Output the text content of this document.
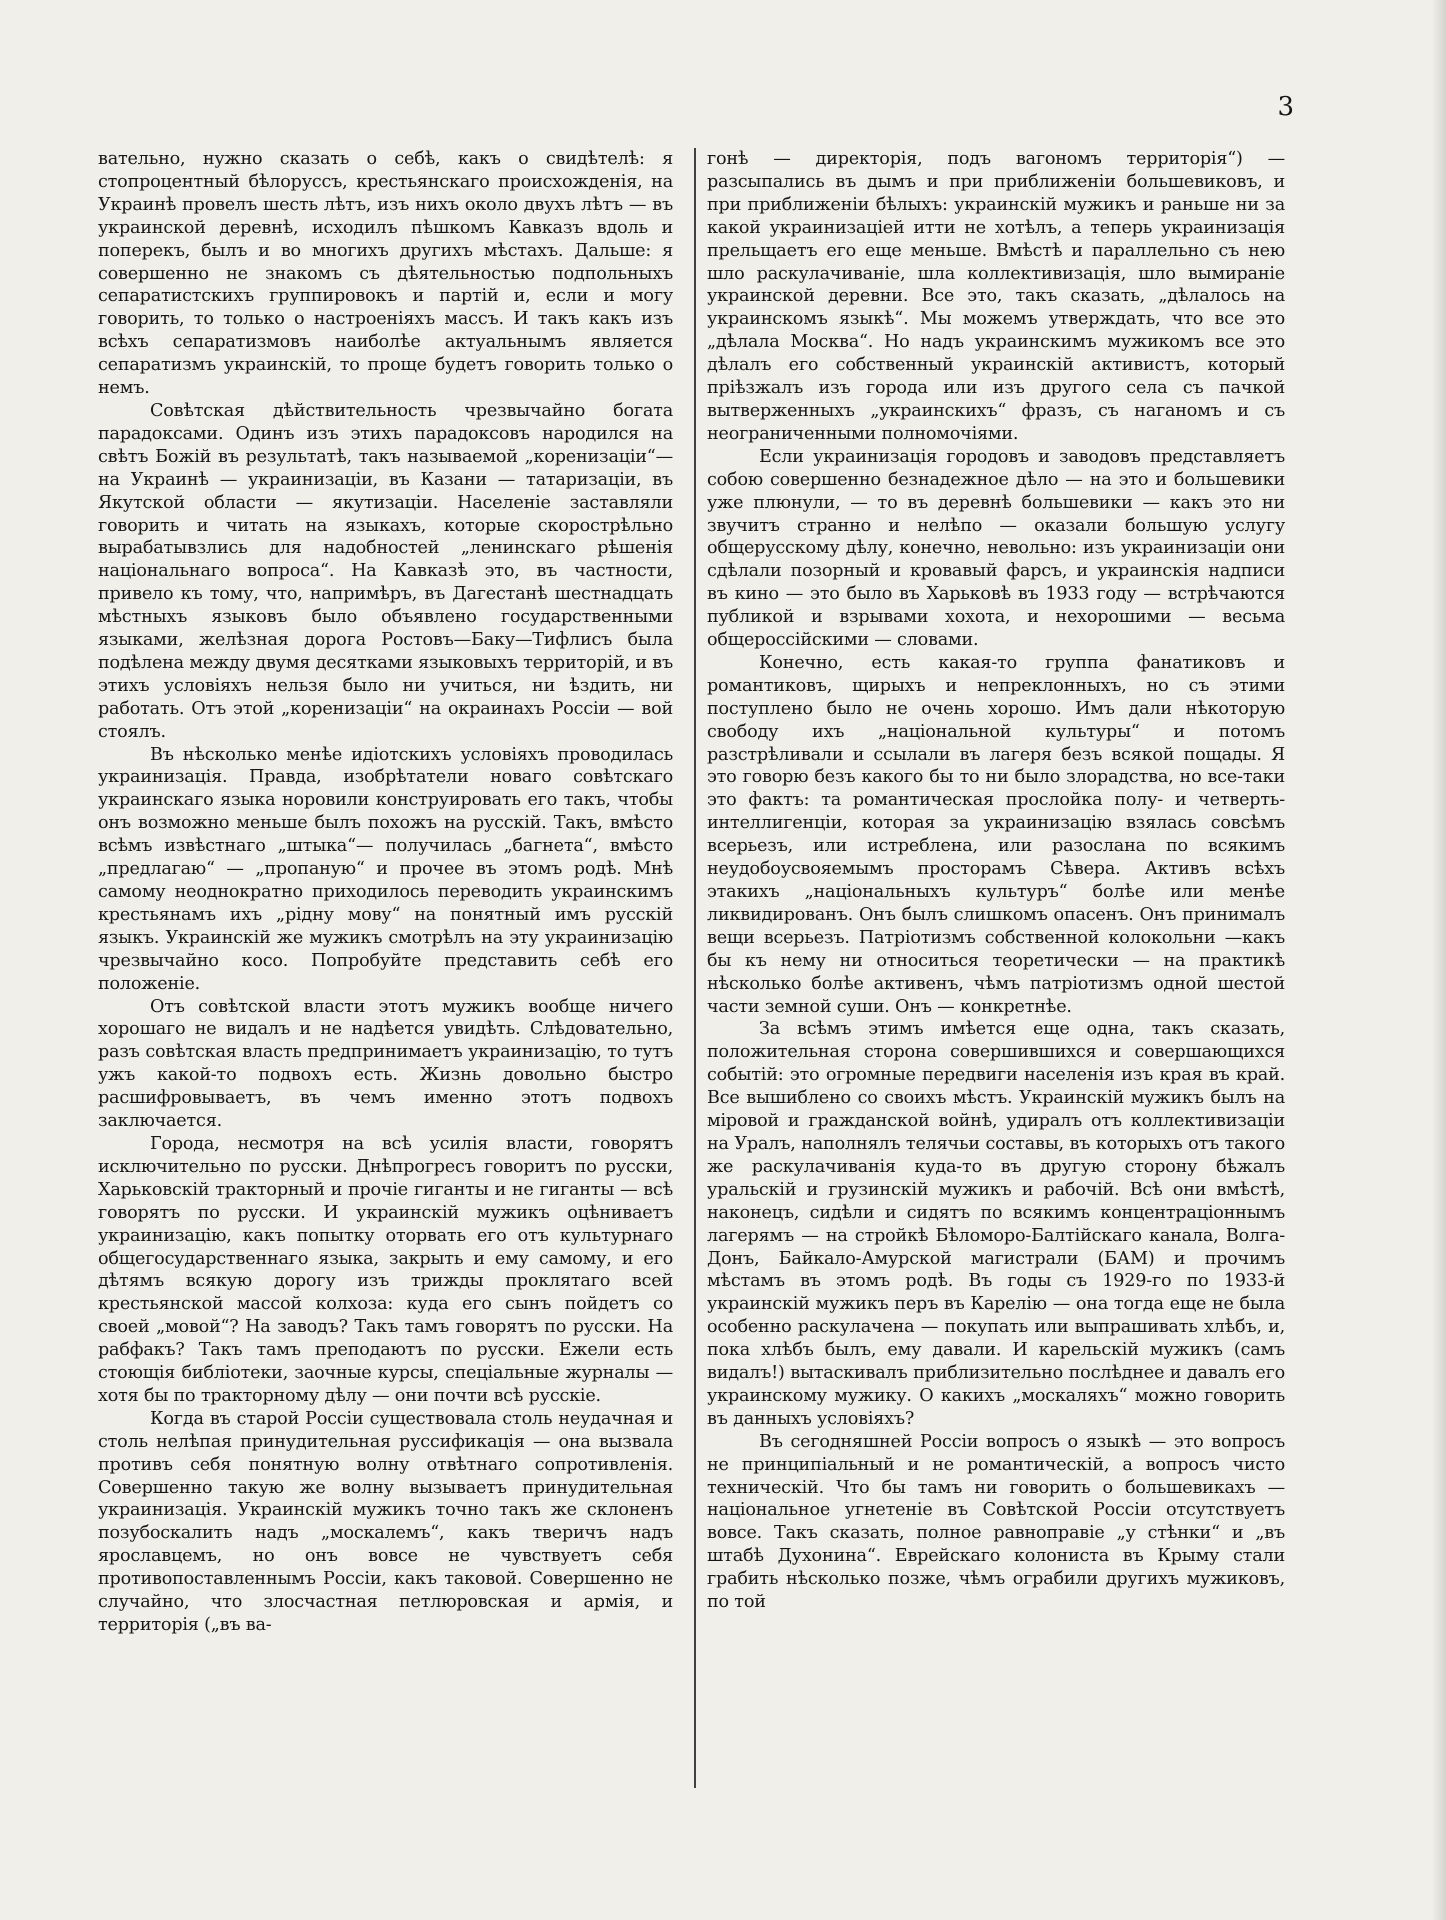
3

вательно, нужно сказать о себѣ, какъ о свидѣтелѣ: я стопроцентный бѣлоруссъ, крестьянскаго происхожденія, на Украинѣ провелъ шесть лѣтъ, изъ нихъ около двухъ лѣтъ — въ украинской деревнѣ, исходилъ пѣшкомъ Кавказъ вдоль и поперекъ, былъ и во многихъ другихъ мѣстахъ. Дальше: я совершенно не знакомъ съ дѣятельностью подпольныхъ сепаратистскихъ группировокъ и партій и, если и могу говорить, то только о настроеніяхъ массъ. И такъ какъ изъ всѣхъ сепаратизмовъ наиболѣе актуальнымъ является сепаратизмъ украинскій, то проще будетъ говорить только о немъ.

Совѣтская дѣйствительность чрезвычайно богата парадоксами. Одинъ изъ этихъ парадоксовъ народился на свѣтъ Божій въ результатѣ, такъ называемой „коренизаціи“—на Украинѣ — украинизаціи, въ Казани — татаризаціи, въ Якутской области — якутизаціи. Населеніе заставляли говорить и читать на языкахъ, которые скорострѣльно вырабатывзлись для надобностей „ленинскаго рѣшенія національнаго вопроса“. На Кавказѣ это, въ частности, привело къ тому, что, напримѣръ, въ Дагестанѣ шестнадцать мѣстныхъ языковъ было объявлено государственными языками, желѣзная дорога Ростовъ—Баку—Тифлисъ была подѣлена между двумя десятками языковыхъ территорій, и въ этихъ условіяхъ нельзя было ни учиться, ни ѣздить, ни работать. Отъ этой „коренизаціи“ на окраинахъ Россіи — вой стоялъ.

Въ нѣсколько менѣе идіотскихъ условіяхъ проводилась украинизація. Правда, изобрѣтатели новаго совѣтскаго украинскаго языка норовили конструировать его такъ, чтобы онъ возможно меньше былъ похожъ на русскій. Такъ, вмѣсто всѣмъ извѣстнаго „штыка“— получилась „багнета“, вмѣсто „предлагаю“ — „пропаную“ и прочее въ этомъ родѣ. Мнѣ самому неоднократно приходилось переводить украинскимъ крестьянамъ ихъ „рідну мову“ на понятный имъ русскій языкъ. Украинскій же мужикъ смотрѣлъ на эту украинизацію чрезвычайно косо. Попробуйте представить себѣ его положеніе.

Отъ совѣтской власти этотъ мужикъ вообще ничего хорошаго не видалъ и не надѣется увидѣть. Слѣдовательно, разъ совѣтская власть предпринимаетъ украинизацію, то тутъ ужъ какой-то подвохъ есть. Жизнь довольно быстро расшифровываетъ, въ чемъ именно этотъ подвохъ заключается.

Города, несмотря на всѣ усилія власти, говорятъ исключительно по русски. Днѣпрогресъ говоритъ по русски, Харьковскій тракторный и прочіе гиганты и не гиганты — всѣ говорятъ по русски. И украинскій мужикъ оцѣниваетъ украинизацію, какъ попытку оторвать его отъ культурнаго общегосударственнаго языка, закрыть и ему самому, и его дѣтямъ всякую дорогу изъ трижды проклятаго всей крестьянской массой колхоза: куда его сынъ пойдетъ со своей „мовой“? На заводъ? Такъ тамъ говорятъ по русски. На рабфакъ? Такъ тамъ преподаютъ по русски. Ежели есть стоющія библіотеки, заочные курсы, спеціальные журналы — хотя бы по тракторному дѣлу — они почти всѣ русскіе.

Когда въ старой Россіи существовала столь неудачная и столь нелѣпая принудительная руссификація — она вызвала противъ себя понятную волну отвѣтнаго сопротивленія. Совершенно такую же волну вызываетъ принудительная украинизація. Украинскій мужикъ точно такъ же склоненъ позубоскалить надъ „москалемъ“, какъ тверичъ надъ ярославцемъ, но онъ вовсе не чувствуетъ себя противопоставленнымъ Россіи, какъ таковой. Совершенно не случайно, что злосчастная петлюровская и армія, и территорія („въ ва-

гонѣ — директорія, подъ вагономъ территорія“) — разсыпались въ дымъ и при приближеніи большевиковъ, и при приближеніи бѣлыхъ: украинскій мужикъ и раньше ни за какой украинизаціей итти не хотѣлъ, а теперь украинизація прельщаетъ его еще меньше. Вмѣстѣ и параллельно съ нею шло раскулачиваніе, шла коллективизація, шло вымираніе украинской деревни. Все это, такъ сказать, „дѣлалось на украинскомъ языкѣ“. Мы можемъ утверждать, что все это „дѣлала Москва“. Но надъ украинскимъ мужикомъ все это дѣлалъ его собственный украинскій активистъ, который пріѣзжалъ изъ города или изъ другого села съ пачкой вытверженныхъ „украинскихъ“ фразъ, съ наганомъ и съ неограниченными полномочіями.

Если украинизація городовъ и заводовъ представляетъ собою совершенно безнадежное дѣло — на это и большевики уже плюнули, — то въ деревнѣ большевики — какъ это ни звучитъ странно и нелѣпо — оказали большую услугу общерусскому дѣлу, конечно, невольно: изъ украинизаціи они сдѣлали позорный и кровавый фарсъ, и украинскія надписи въ кино — это было въ Харьковѣ въ 1933 году — встрѣчаются публикой и взрывами хохота, и нехорошими — весьма общероссійскими — словами.

Конечно, есть какая-то группа фанатиковъ и романтиковъ, щирыхъ и непреклонныхъ, но съ этими поступлено было не очень хорошо. Имъ дали нѣкоторую свободу ихъ „національной культуры“ и потомъ разстрѣливали и ссылали въ лагеря безъ всякой пощады. Я это говорю безъ какого бы то ни было злорадства, но все-таки это фактъ: та романтическая прослойка полу- и четверть-интеллигенціи, которая за украинизацію взялась совсѣмъ всерьезъ, или истреблена, или разослана по всякимъ неудобоусвояемымъ просторамъ Сѣвера. Активъ всѣхъ этакихъ „національныхъ культуръ“ болѣе или менѣе ликвидированъ. Онъ былъ слишкомъ опасенъ. Онъ принималъ вещи всерьезъ. Патріотизмъ собственной колокольни —какъ бы къ нему ни относиться теоретически — на практикѣ нѣсколько болѣе активенъ, чѣмъ патріотизмъ одной шестой части земной суши. Онъ — конкретнѣе.

За всѣмъ этимъ имѣется еще одна, такъ сказать, положительная сторона совершившихся и совершающихся событій: это огромные передвиги населенія изъ края въ край. Все вышиблено со своихъ мѣстъ. Украинскій мужикъ былъ на міровой и гражданской войнѣ, удиралъ отъ коллективизаціи на Уралъ, наполнялъ телячьи составы, въ которыхъ отъ такого же раскулачиванія куда-то въ другую сторону бѣжалъ уральскій и грузинскій мужикъ и рабочій. Всѣ они вмѣстѣ, наконецъ, сидѣли и сидятъ по всякимъ концентраціоннымъ лагерямъ — на стройкѣ Бѣломоро-Балтійскаго канала, Волга-Донъ, Байкало-Амурской магистрали (БАМ) и прочимъ мѣстамъ въ этомъ родѣ. Въ годы съ 1929-го по 1933-й украинскій мужикъ перъ въ Карелію — она тогда еще не была особенно раскулачена — покупать или выпрашивать хлѣбъ, и, пока хлѣбъ былъ, ему давали. И карельскій мужикъ (самъ видалъ!) вытаскивалъ приблизительно послѣднее и давалъ его украинскому мужику. О какихъ „москаляхъ“ можно говорить въ данныхъ условіяхъ?

Въ сегодняшней Россіи вопросъ о языкѣ — это вопросъ не принципіальный и не романтическій, а вопросъ чисто техническій. Что бы тамъ ни говорить о большевикахъ — національное угнетеніе въ Совѣтской Россіи отсутствуетъ вовсе. Такъ сказать, полное равноправіе „у стѣнки“ и „въ штабѣ Духонина“. Еврейскаго колониста въ Крыму стали грабить нѣсколько позже, чѣмъ ограбили другихъ мужиковъ, по той
